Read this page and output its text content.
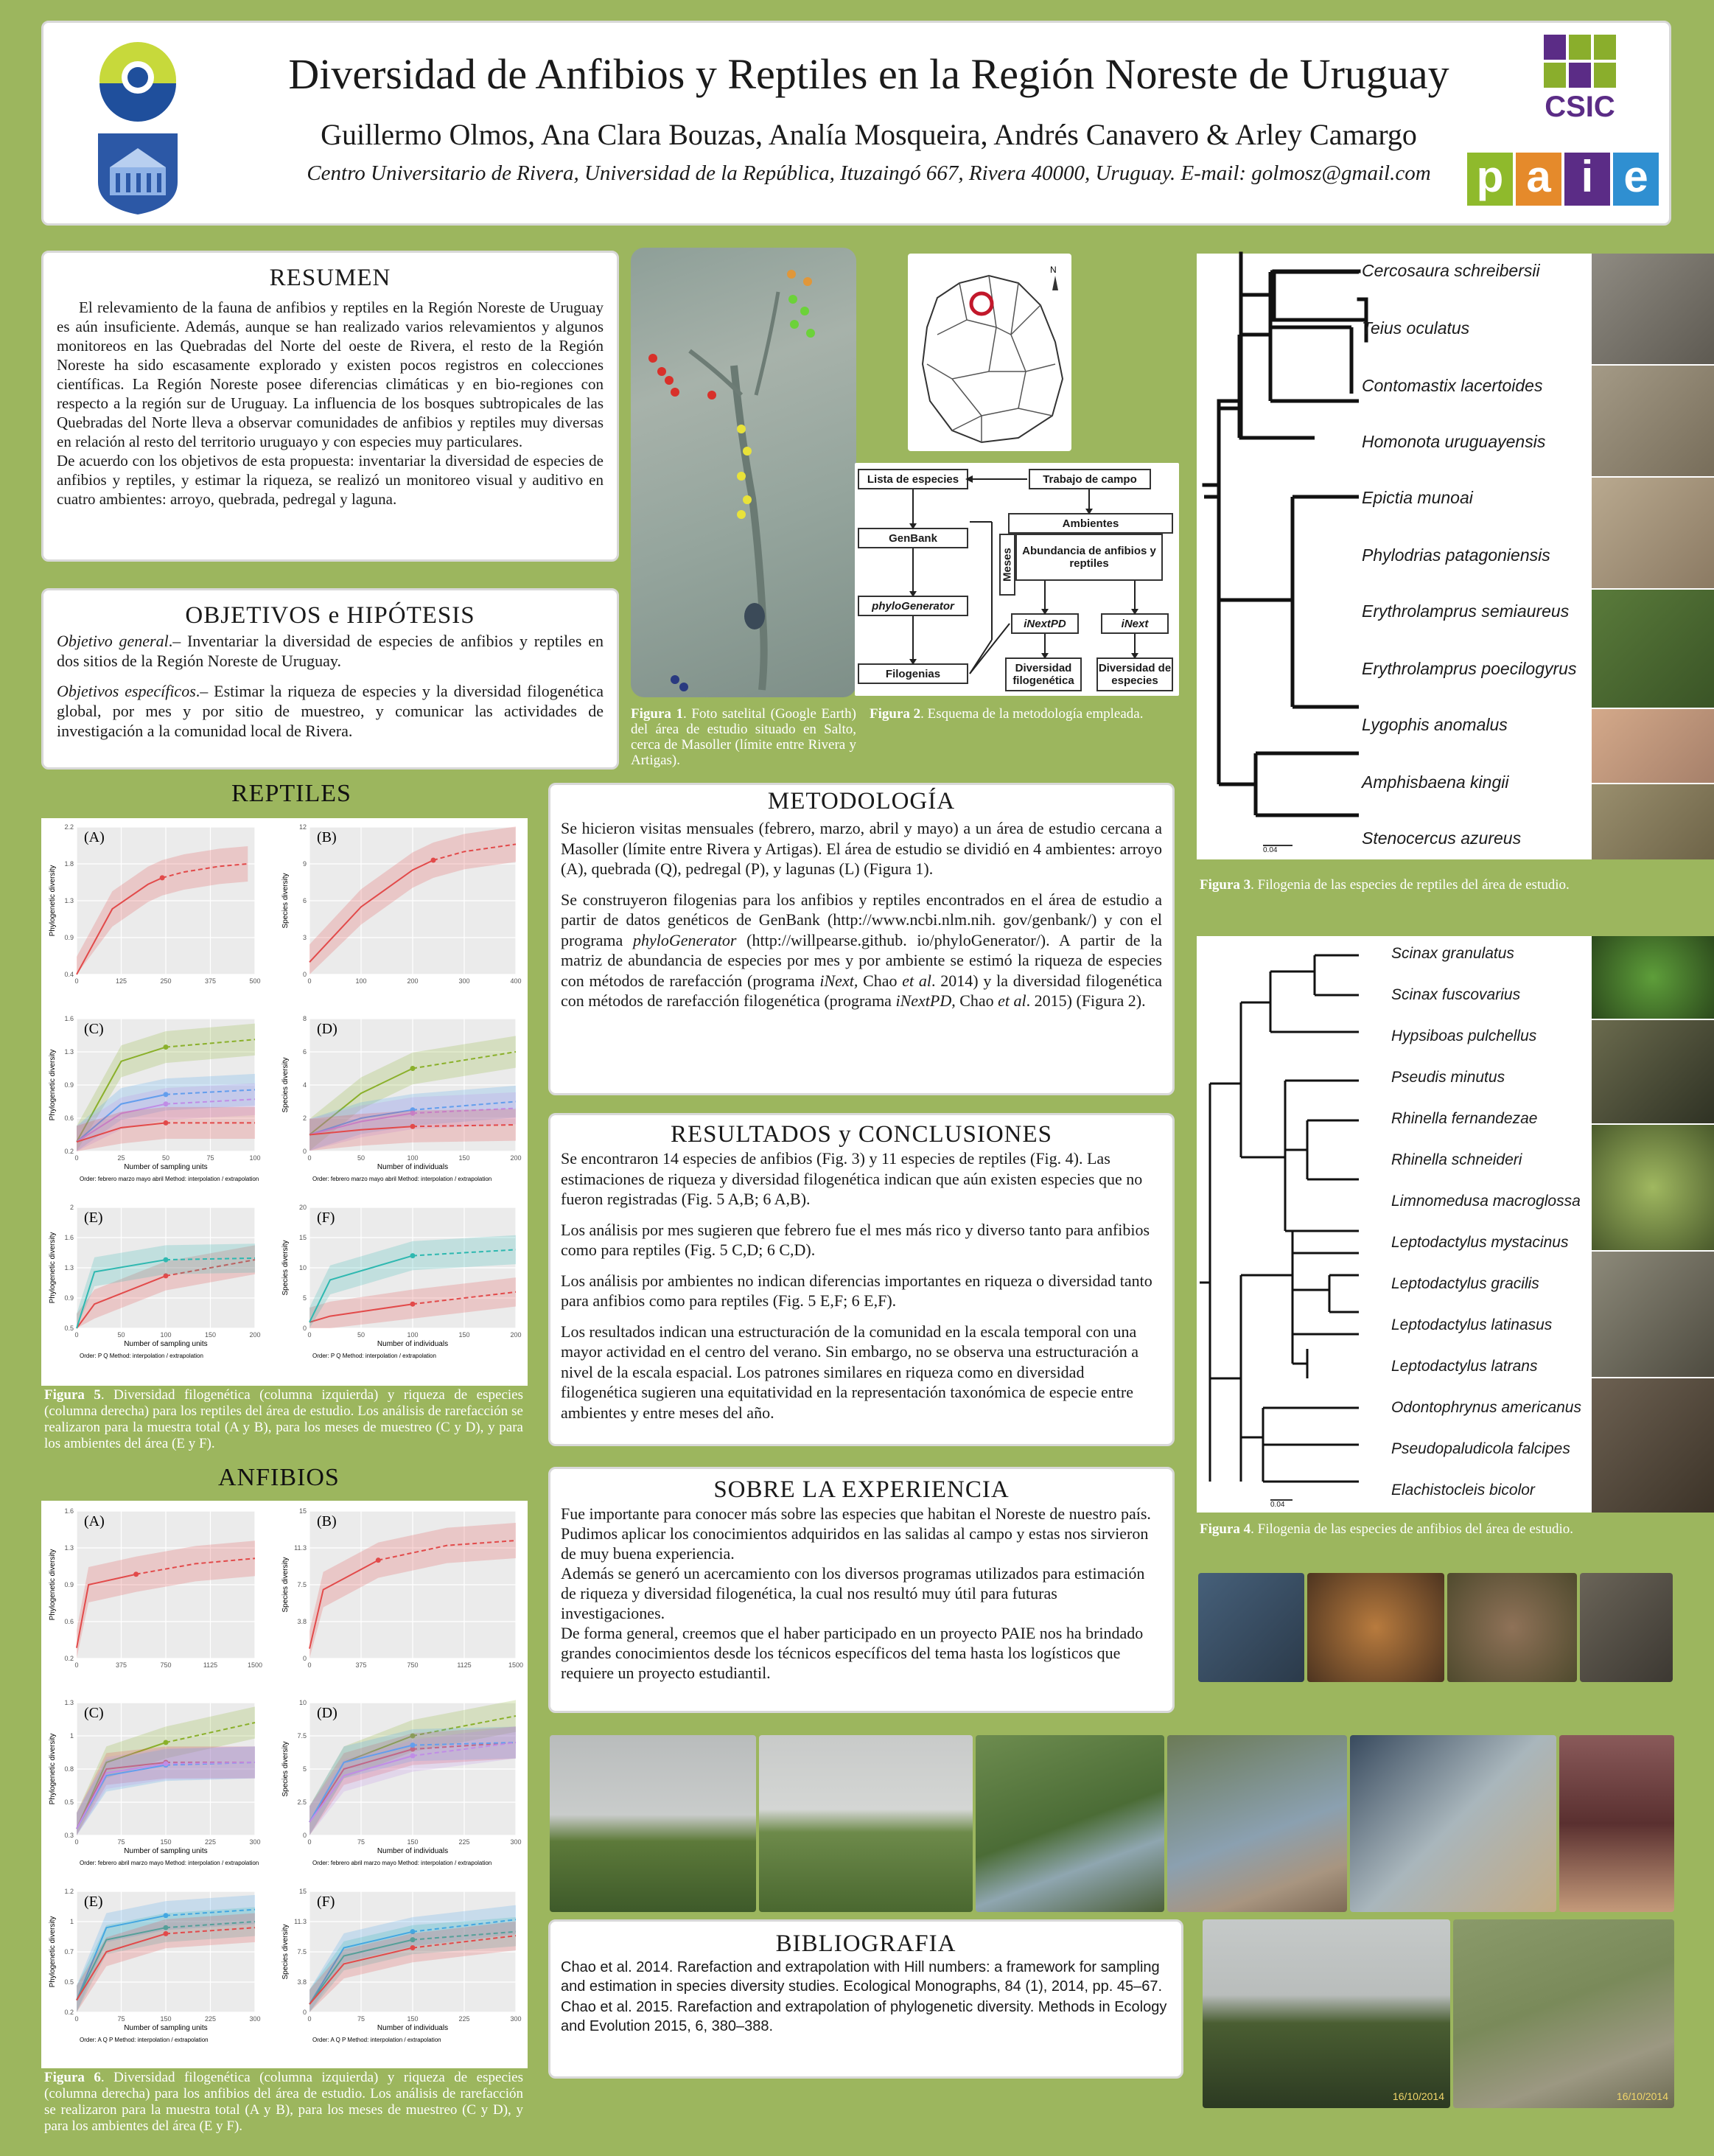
Diversidad de Anfibios y Reptiles en la Región Noreste de Uruguay
Guillermo Olmos, Ana Clara Bouzas, Analía Mosqueira, Andrés Canavero & Arley Camargo
Centro Universitario de Rivera, Universidad de la República, Ituzaingó 667, Rivera 40000, Uruguay. E-mail: golmosz@gmail.com
CSIC
p a i e
RESUMEN
El relevamiento de la fauna de anfibios y reptiles en la Región Noreste de Uruguay es aún insuficiente. Además, aunque se han realizado varios relevamientos y algunos monitoreos en las Quebradas del Norte del oeste de Rivera, el resto de la Región Noreste ha sido escasamente explorado y existen pocos registros en colecciones científicas. La Región Noreste posee diferencias climáticas y en bio-regiones con respecto a la región sur de Uruguay. La influencia de los bosques subtropicales de las Quebradas del Norte lleva a observar comunidades de anfibios y reptiles muy diversas en relación al resto del territorio uruguayo y con especies muy particulares.
De acuerdo con los objetivos de esta propuesta: inventariar la diversidad de especies de anfibios y reptiles, y estimar la riqueza, se realizó un monitoreo visual y auditivo en cuatro ambientes: arroyo, quebrada, pedregal y laguna.
OBJETIVOS e HIPÓTESIS

Objetivo general.– Inventariar la diversidad de especies de anfibios y reptiles en dos sitios de la Región Noreste de Uruguay.

Objetivos específicos.– Estimar la riqueza de especies y la diversidad filogenética global, por mes y por sitio de muestreo, y comunicar las actividades de investigación a la comunidad local de Rivera.

Figura 1. Foto satelital (Google Earth) del área de estudio situado en Salto, cerca de Masoller (límite entre Rivera y Artigas).
N
Lista de especies	Trabajo de campo
Ambientes
Meses Abundancia de anfibios y reptiles
GenBank
phyloGenerator
iNextPD	iNext
Filogenias	Diversidad filogenética
Diversidad de especies
Figura 2. Esquema de la metodología empleada.
Cercosaura schreibersii
Teius oculatus
Contomastix lacertoides
Homonota uruguayensis
Epictia munoai
Phylodrias patagoniensis
Erythrolamprus semiaureus
Erythrolamprus poecilogyrus
Lygophis anomalus
Amphisbaena kingii
Stenocercus azureus
0.04
Figura 3. Filogenia de las especies de reptiles del área de estudio.
Scinax granulatus
Scinax fuscovarius
Hypsiboas pulchellus
Pseudis minutus
Rhinella fernandezae
Rhinella schneideri
Limnomedusa macroglossa
Leptodactylus mystacinus
Leptodactylus gracilis
Leptodactylus latinasus
Leptodactylus latrans
Odontophrynus americanus
Pseudopaludicola falcipes
Elachistocleis bicolor
0.04
Figura 4. Filogenia de las especies de anfibios del área de estudio.
REPTILES
ANFIBIOS
Figura 5. Diversidad filogenética (columna izquierda) y riqueza de especies (columna derecha) para los reptiles del área de estudio. Los análisis de rarefacción se realizaron para la muestra total (A y B), para los meses de muestreo (C y D), y para los ambientes del área (E y F).
Figura 6. Diversidad filogenética (columna izquierda) y riqueza de especies (columna derecha) para los anfibios del área de estudio. Los análisis de rarefacción se realizaron para la muestra total (A y B), para los meses de muestreo (C y D), y para los ambientes del área (E y F).
0
0.4
125
0.9
250
1.3
375
1.8
500
2.2
Phylogenetic diversity
(A)
0
0
100
3
200
6
300
9
400
12
Species diversity
(B)
0
0.2
25
0.6
50
0.9
75
1.3
100
1.6
Phylogenetic diversity
Number of sampling units
Order: febrero marzo mayo abril Method: interpolation / extrapolation
(C)
0
0
50
2
100
4
150
6
200
8
Species diversity
Number of individuals
Order: febrero marzo mayo abril Method: interpolation / extrapolation
(D)
0
0.5
50
0.9
100
1.3
150
1.6
200
2
Phylogenetic diversity
Number of sampling units
Order: P Q Method: interpolation / extrapolation
(E)
0
0
50
5
100
10
150
15
200
20
Species diversity
Number of individuals
Order: P Q Method: interpolation / extrapolation
(F)
0
0.2
375
0.6
750
0.9
1125
1.3
1500
1.6
Phylogenetic diversity
(A)
0
0
375
3.8
750
7.5
1125
11.3
1500
15
Species diversity
(B)
0
0.3
75
0.5
150
0.8
225
1
300
1.3
Phylogenetic diversity
Number of sampling units
Order: febrero abril marzo mayo Method: interpolation / extrapolation
(C)
0
0
75
2.5
150
5
225
7.5
300
10
Species diversity
Number of individuals
Order: febrero abril marzo mayo Method: interpolation / extrapolation
(D)
0
0.2
75
0.5
150
0.7
225
1
300
1.2
Phylogenetic diversity
Number of sampling units
Order: A Q P Method: interpolation / extrapolation
(E)
0
0
75
3.8
150
7.5
225
11.3
300
15
Species diversity
Number of individuals
Order: A Q P Method: interpolation / extrapolation
(F)
METODOLOGÍA

Se hicieron visitas mensuales (febrero, marzo, abril y mayo) a un área de estudio cercana a Masoller (límite entre Rivera y Artigas). El área de estudio se dividió en 4 ambientes: arroyo (A), quebrada (Q), pedregal (P), y lagunas (L) (Figura 1).

Se construyeron filogenias para los anfibios y reptiles encontrados en el área de estudio a partir de datos genéticos de GenBank (http://www.ncbi.nlm.nih. gov/genbank/) y con el programa phyloGenerator (http://willpearse.github. io/phyloGenerator/). A partir de la matriz de abundancia de especies por mes y por ambiente se estimó la riqueza de especies con métodos de rarefacción (programa iNext, Chao et al. 2014) y la diversidad filogenética con métodos de rarefacción filogenética (programa iNextPD, Chao et al. 2015) (Figura 2).

RESULTADOS y CONCLUSIONES

Se encontraron 14 especies de anfibios (Fig. 3) y 11 especies de reptiles (Fig. 4). Las estimaciones de riqueza y diversidad filogenética indican que aún existen especies que no fueron registradas (Fig. 5 A,B; 6 A,B).

Los análisis por mes sugieren que febrero fue el mes más rico y diverso tanto para anfibios como para reptiles (Fig. 5 C,D; 6 C,D).

Los análisis por ambientes no indican diferencias importantes en riqueza o diversidad tanto para anfibios como para reptiles (Fig. 5 E,F; 6 E,F).

Los resultados indican una estructuración de la comunidad en la escala temporal con una mayor actividad en el centro del verano. Sin embargo, no se observa una estructuración a nivel de la escala espacial. Los patrones similares en riqueza como en diversidad filogenética sugieren una equitatividad en la representación taxonómica de especie entre ambientes y entre meses del año.

SOBRE LA EXPERIENCIA
Fue importante para conocer más sobre las especies que habitan el Noreste de nuestro país. Pudimos aplicar los conocimientos adquiridos en las salidas al campo y estas nos sirvieron de muy buena experiencia.
Además se generó un acercamiento con los diversos programas utilizados para estimación de riqueza y diversidad filogenética, la cual nos resultó muy útil para futuras investigaciones.
De forma general, creemos que el haber participado en un proyecto PAIE nos ha brindado grandes conocimientos desde los técnicos específicos del tema hasta los logísticos que requiere un proyecto estudiantil.
BIBLIOGRAFIA

Chao et al. 2014. Rarefaction and extrapolation with Hill numbers: a framework for sampling and estimation in species diversity studies. Ecological Monographs, 84 (1), 2014, pp. 45–67.

Chao et al. 2015. Rarefaction and extrapolation of phylogenetic diversity. Methods in Ecology and Evolution 2015, 6, 380–388.

16/10/2014	16/10/2014
